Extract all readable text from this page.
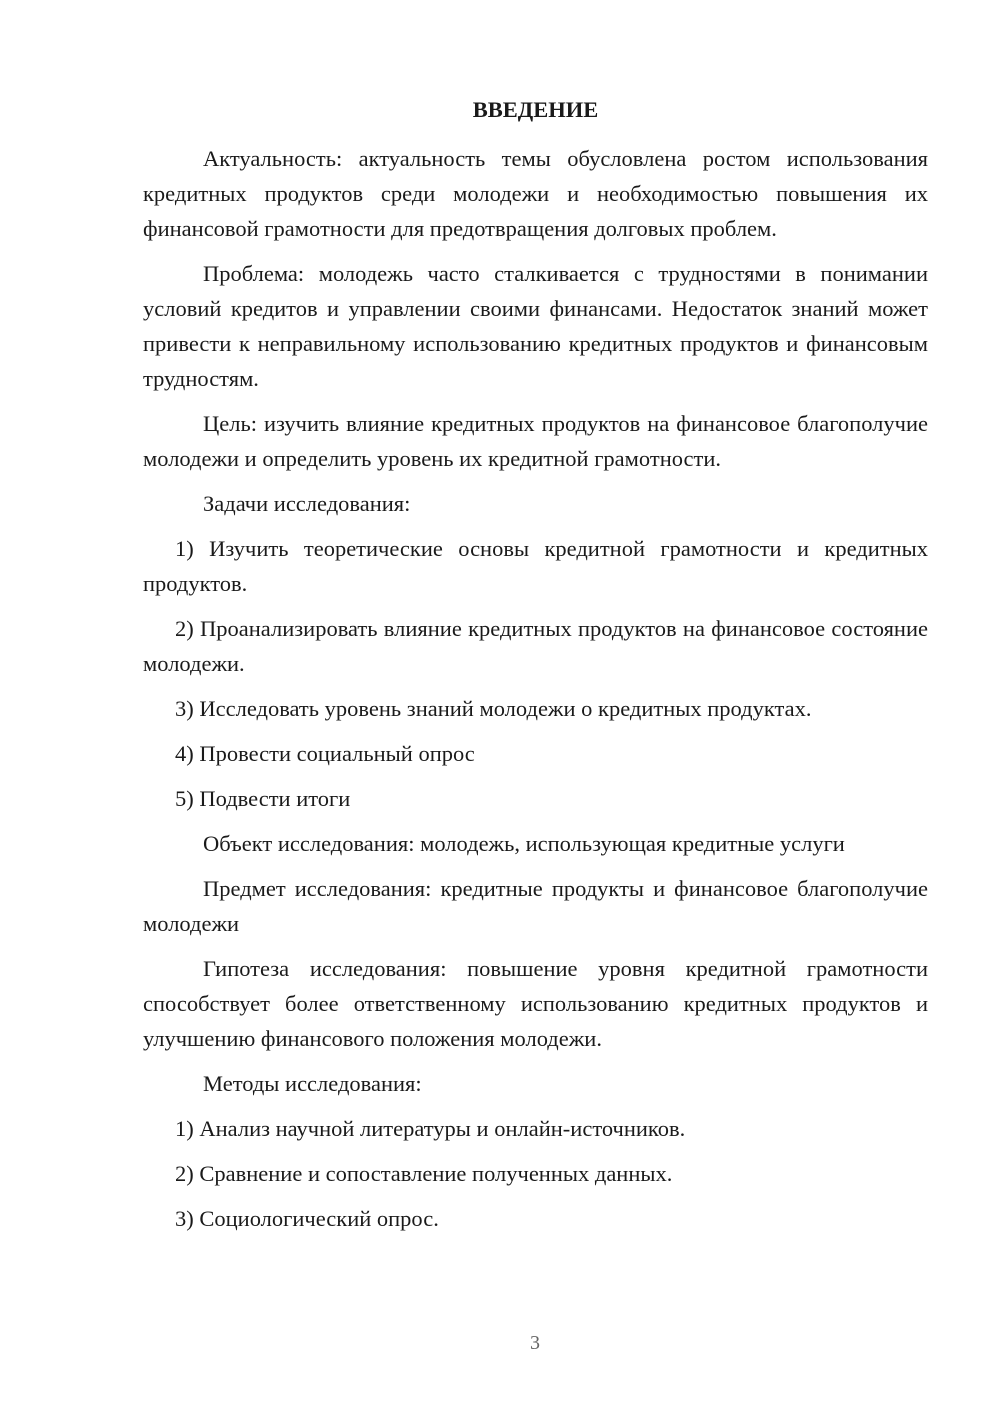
ВВЕДЕНИЕ

Актуальность: актуальность темы обусловлена ростом использования кредитных продуктов среди молодежи и необходимостью повышения их финансовой грамотности для предотвращения долговых проблем.

Проблема: молодежь часто сталкивается с трудностями в понимании условий кредитов и управлении своими финансами. Недостаток знаний может привести к неправильному использованию кредитных продуктов и финансовым трудностям.

Цель: изучить влияние кредитных продуктов на финансовое благополучие молодежи и определить уровень их кредитной грамотности.

Задачи исследования:

1) Изучить теоретические основы кредитной грамотности и кредитных продуктов.

2) Проанализировать влияние кредитных продуктов на финансовое состояние молодежи.

3) Исследовать уровень знаний молодежи о кредитных продуктах.

4) Провести социальный опрос

5) Подвести итоги

Объект исследования: молодежь, использующая кредитные услуги

Предмет исследования: кредитные продукты и финансовое благополучие молодежи

Гипотеза исследования: повышение уровня кредитной грамотности способствует более ответственному использованию кредитных продуктов и улучшению финансового положения молодежи.

Методы исследования:

1) Анализ научной литературы и онлайн-источников.

2) Сравнение и сопоставление полученных данных.

3) Социологический опрос.

3
